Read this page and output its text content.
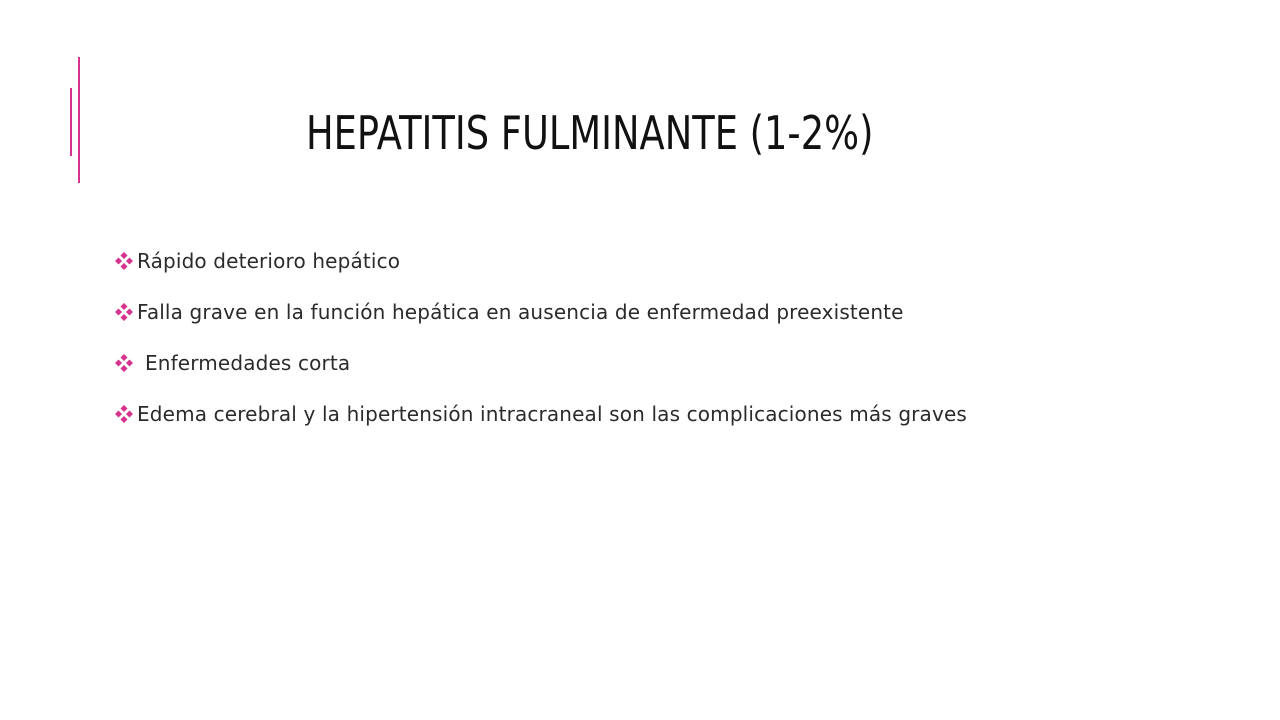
HEPATITIS FULMINANTE (1-2%)
Rápido deterioro hepático
Falla grave en la función hepática en ausencia de enfermedad preexistente
Enfermedades corta
Edema cerebral y la hipertensión intracraneal son las complicaciones más graves
